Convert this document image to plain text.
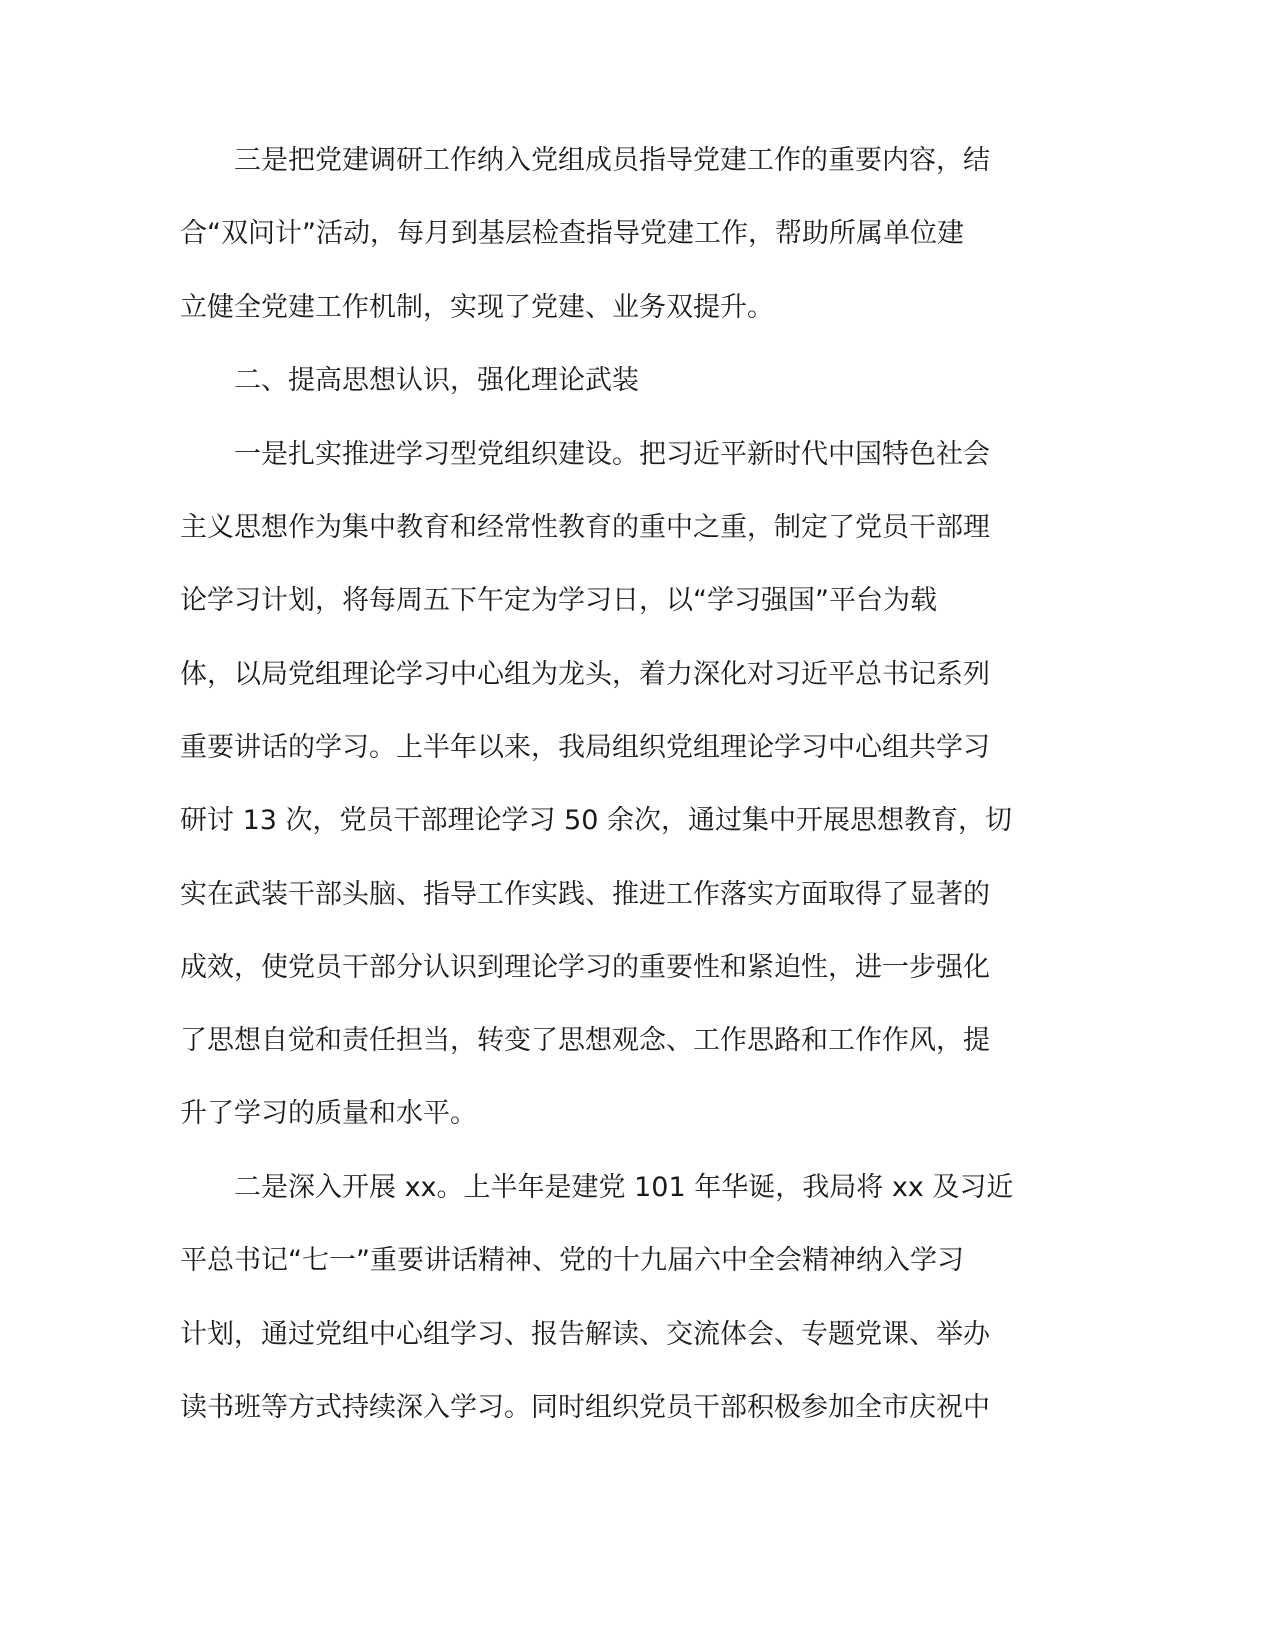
三是把党建调研工作纳入党组成员指导党建工作的重要内容，结
合“双问计”活动，每月到基层检查指导党建工作，帮助所属单位建
立健全党建工作机制，实现了党建、业务双提升。
二、提高思想认识，强化理论武装
一是扎实推进学习型党组织建设。把习近平新时代中国特色社会
主义思想作为集中教育和经常性教育的重中之重，制定了党员干部理
论学习计划，将每周五下午定为学习日，以“学习强国”平台为载
体，以局党组理论学习中心组为龙头，着力深化对习近平总书记系列
重要讲话的学习。上半年以来，我局组织党组理论学习中心组共学习
研讨 13 次，党员干部理论学习 50 余次，通过集中开展思想教育，切
实在武装干部头脑、指导工作实践、推进工作落实方面取得了显著的
成效，使党员干部分认识到理论学习的重要性和紧迫性，进一步强化
了思想自觉和责任担当，转变了思想观念、工作思路和工作作风，提
升了学习的质量和水平。
二是深入开展 xx。上半年是建党 101 年华诞，我局将 xx 及习近
平总书记“七一”重要讲话精神、党的十九届六中全会精神纳入学习
计划，通过党组中心组学习、报告解读、交流体会、专题党课、举办
读书班等方式持续深入学习。同时组织党员干部积极参加全市庆祝中
